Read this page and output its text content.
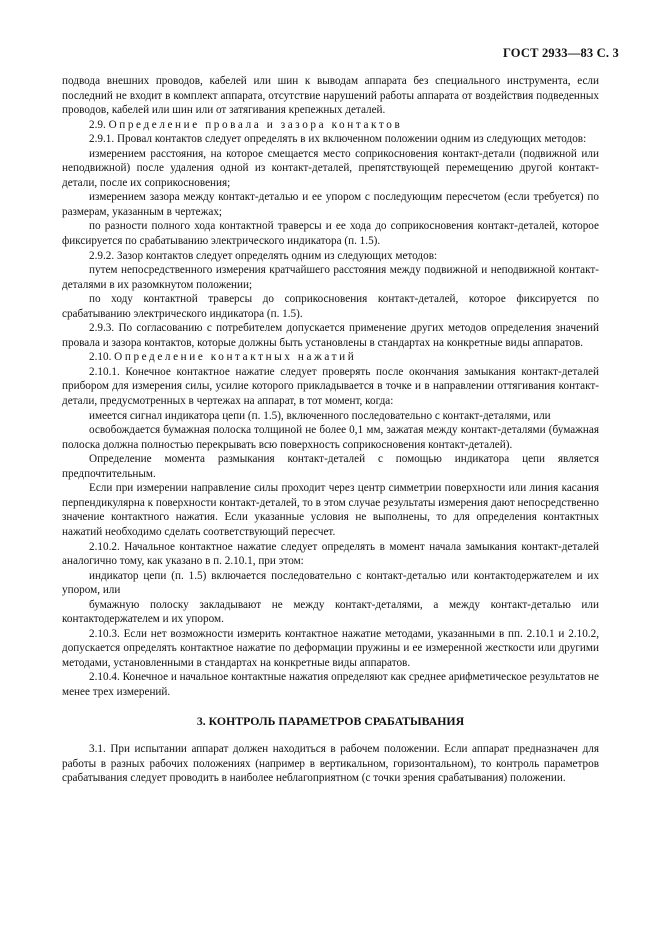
ГОСТ 2933—83 С. 3

подвода внешних проводов, кабелей или шин к выводам аппарата без специального инструмента, если последний не входит в комплект аппарата, отсутствие нарушений работы аппарата от воздействия подведенных проводов, кабелей или шин или от затягивания крепежных деталей.

2.9. Определение провала и зазора контактов

2.9.1. Провал контактов следует определять в их включенном положении одним из следующих методов:

измерением расстояния, на которое смещается место соприкосновения контакт-детали (подвижной или неподвижной) после удаления одной из контакт-деталей, препятствующей перемещению другой контакт-детали, после их соприкосновения;

измерением зазора между контакт-деталью и ее упором с последующим пересчетом (если требуется) по размерам, указанным в чертежах;

по разности полного хода контактной траверсы и ее хода до соприкосновения контакт-деталей, которое фиксируется по срабатыванию электрического индикатора (п. 1.5).

2.9.2. Зазор контактов следует определять одним из следующих методов:

путем непосредственного измерения кратчайшего расстояния между подвижной и неподвижной контакт-деталями в их разомкнутом положении;

по ходу контактной траверсы до соприкосновения контакт-деталей, которое фиксируется по срабатыванию электрического индикатора (п. 1.5).

2.9.3. По согласованию с потребителем допускается применение других методов определения значений провала и зазора контактов, которые должны быть установлены в стандартах на конкретные виды аппаратов.

2.10. Определение контактных нажатий

2.10.1. Конечное контактное нажатие следует проверять после окончания замыкания контакт-деталей прибором для измерения силы, усилие которого прикладывается в точке и в направлении оттягивания контакт-детали, предусмотренных в чертежах на аппарат, в тот момент, когда:

имеется сигнал индикатора цепи (п. 1.5), включенного последовательно с контакт-деталями, или

освобождается бумажная полоска толщиной не более 0,1 мм, зажатая между контакт-деталями (бумажная полоска должна полностью перекрывать всю поверхность соприкосновения контакт-деталей).

Определение момента размыкания контакт-деталей с помощью индикатора цепи является предпочтительным.

Если при измерении направление силы проходит через центр симметрии поверхности или линия касания перпендикулярна к поверхности контакт-деталей, то в этом случае результаты измерения дают непосредственно значение контактного нажатия. Если указанные условия не выполнены, то для определения контактных нажатий необходимо сделать соответствующий пересчет.

2.10.2. Начальное контактное нажатие следует определять в момент начала замыкания контакт-деталей аналогично тому, как указано в п. 2.10.1, при этом:

индикатор цепи (п. 1.5) включается последовательно с контакт-деталью или контактодержателем и их упором, или

бумажную полоску закладывают не между контакт-деталями, а между контакт-деталью или контактодержателем и их упором.

2.10.3. Если нет возможности измерить контактное нажатие методами, указанными в пп. 2.10.1 и 2.10.2, допускается определять контактное нажатие по деформации пружины и ее измеренной жесткости или другими методами, установленными в стандартах на конкретные виды аппаратов.

2.10.4. Конечное и начальное контактные нажатия определяют как среднее арифметическое результатов не менее трех измерений.

3. КОНТРОЛЬ ПАРАМЕТРОВ СРАБАТЫВАНИЯ

3.1. При испытании аппарат должен находиться в рабочем положении. Если аппарат предназначен для работы в разных рабочих положениях (например в вертикальном, горизонтальном), то контроль параметров срабатывания следует проводить в наиболее неблагоприятном (с точки зрения срабатывания) положении.
